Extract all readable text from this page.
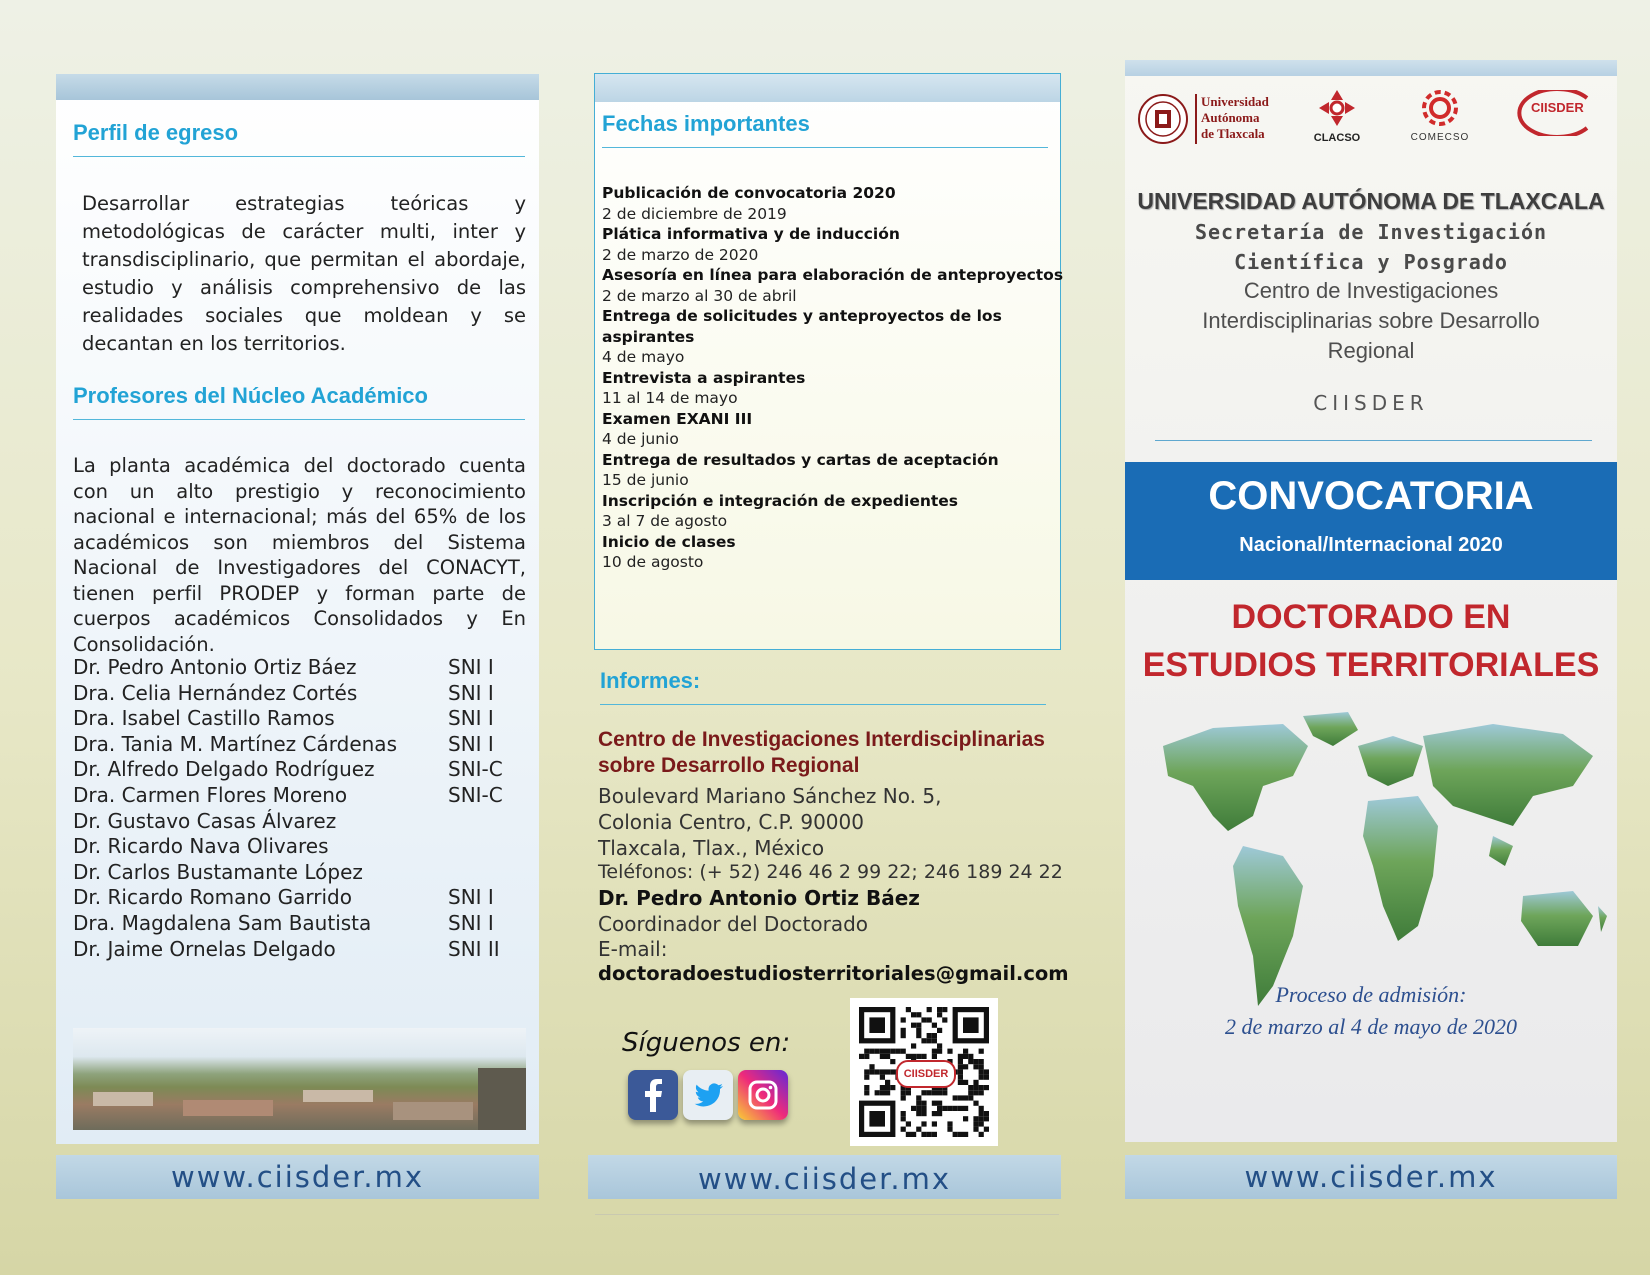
Perfil de egreso
Desarrollar estrategias teóricas y metodológicas de carácter multi, inter y transdisciplinario, que permitan el abordaje, estudio y análisis comprehensivo de las realidades sociales que moldean y se decantan en los territorios.
Profesores del Núcleo Académico
La planta académica del doctorado cuenta con un alto prestigio y reconocimiento nacional e internacional; más del 65% de los académicos son miembros del Sistema Nacional de Investigadores del CONACYT, tienen perfil PRODEP y forman parte de cuerpos académicos Consolidados y En Consolidación.
Dr. Pedro Antonio Ortiz Báez	SNI I
Dra. Celia Hernández Cortés	SNI I
Dra. Isabel Castillo Ramos	SNI I
Dra. Tania M. Martínez Cárdenas	SNI I
Dr. Alfredo Delgado Rodríguez	SNI-C
Dra. Carmen Flores Moreno	SNI-C
Dr. Gustavo Casas Álvarez
Dr. Ricardo Nava Olivares
Dr. Carlos Bustamante López
Dr. Ricardo Romano Garrido	SNI I
Dra. Magdalena Sam Bautista	SNI I
Dr. Jaime Ornelas Delgado	SNI II
www.ciisder.mx
Fechas importantes
Publicación de convocatoria 2020
2 de diciembre de 2019
Plática informativa y de inducción
2 de marzo de 2020
Asesoría en línea para elaboración de anteproyectos
2 de marzo al 30 de abril
Entrega de solicitudes y anteproyectos de los
aspirantes
4 de mayo
Entrevista a aspirantes
11 al 14 de mayo
Examen EXANI III
4 de junio
Entrega de resultados y cartas de aceptación
15 de junio
Inscripción e integración de expedientes
3 al 7 de agosto
Inicio de clases
10 de agosto
Informes:
Centro de Investigaciones Interdisciplinarias
sobre Desarrollo Regional
Boulevard Mariano Sánchez No. 5,
Colonia Centro, C.P. 90000
Tlaxcala, Tlax., México
Teléfonos: (+ 52) 246 46 2 99 22; 246 189 24 22
Dr. Pedro Antonio Ortiz Báez
Coordinador del Doctorado
E-mail:
doctoradoestudiosterritoriales@gmail.com
Síguenos en:
CIISDER
www.ciisder.mx
Universidad
Autónoma
de Tlaxcala	CLACSO	COMECSO
CIISDER
UNIVERSIDAD AUTÓNOMA DE TLAXCALA
Secretaría de Investigación
Científica y Posgrado
Centro de Investigaciones
Interdisciplinarias sobre Desarrollo
Regional
CIISDER
CONVOCATORIA
Nacional/Internacional 2020
DOCTORADO EN
ESTUDIOS TERRITORIALES
Proceso de admisión:
2 de marzo al 4 de mayo de 2020
www.ciisder.mx
